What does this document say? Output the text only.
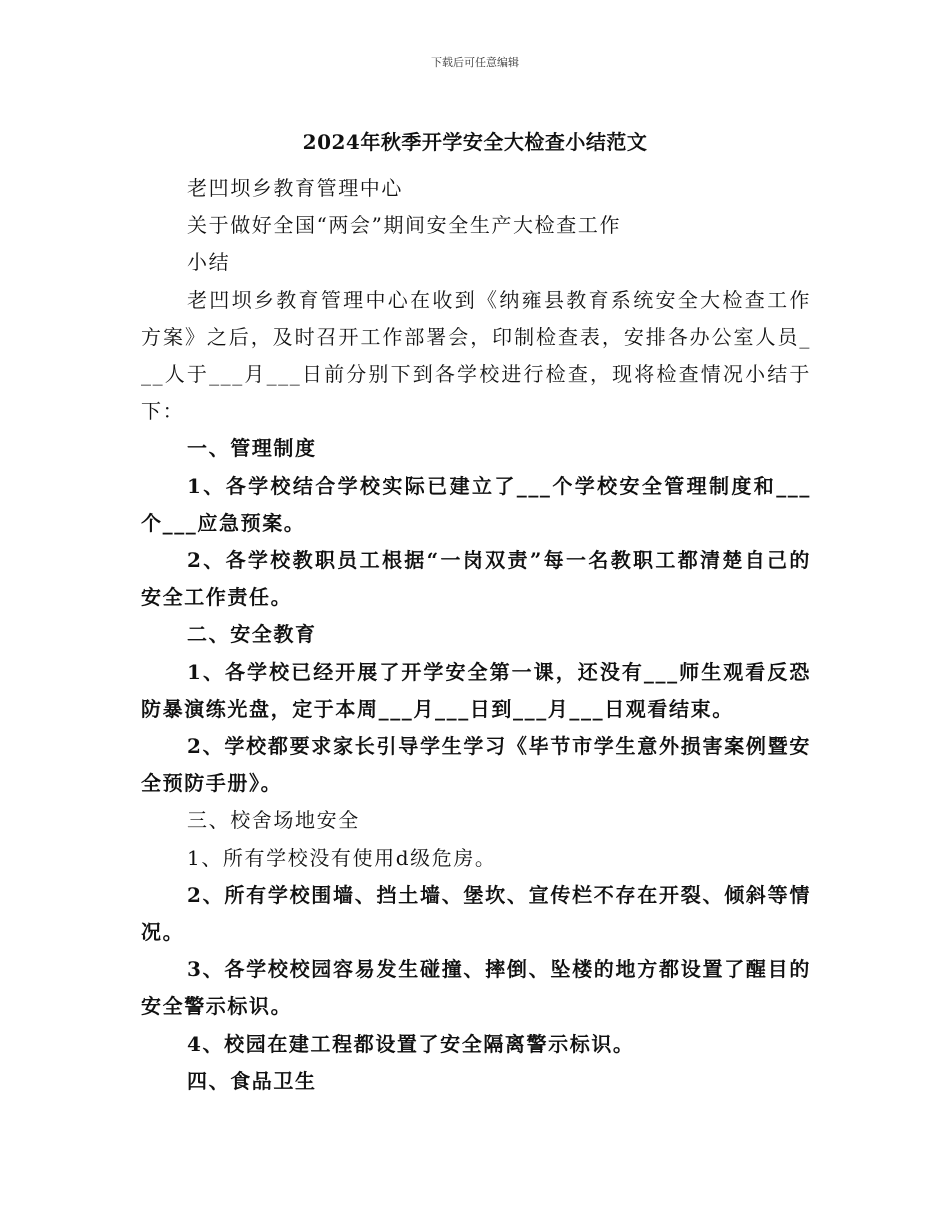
下载后可任意编辑
2024年秋季开学安全大检查小结范文

老凹坝乡教育管理中心

关于做好全国“两会”期间安全生产大检查工作

小结

老凹坝乡教育管理中心在收到《纳雍县教育系统安全大检查工作方案》之后，及时召开工作部署会，印制检查表，安排各办公室人员___人于___月___日前分别下到各学校进行检查，现将检查情况小结于下：

一、管理制度

1、各学校结合学校实际已建立了___个学校安全管理制度和___个___应急预案。

2、各学校教职员工根据“一岗双责”每一名教职工都清楚自己的安全工作责任。

二、安全教育

1、各学校已经开展了开学安全第一课，还没有___师生观看反恐防暴演练光盘，定于本周___月___日到___月___日观看结束。

2、学校都要求家长引导学生学习《毕节市学生意外损害案例暨安全预防手册》。

三、校舍场地安全

1、所有学校没有使用d级危房。

2、所有学校围墙、挡土墙、堡坎、宣传栏不存在开裂、倾斜等情况。

3、各学校校园容易发生碰撞、摔倒、坠楼的地方都设置了醒目的安全警示标识。

4、校园在建工程都设置了安全隔离警示标识。

四、食品卫生
